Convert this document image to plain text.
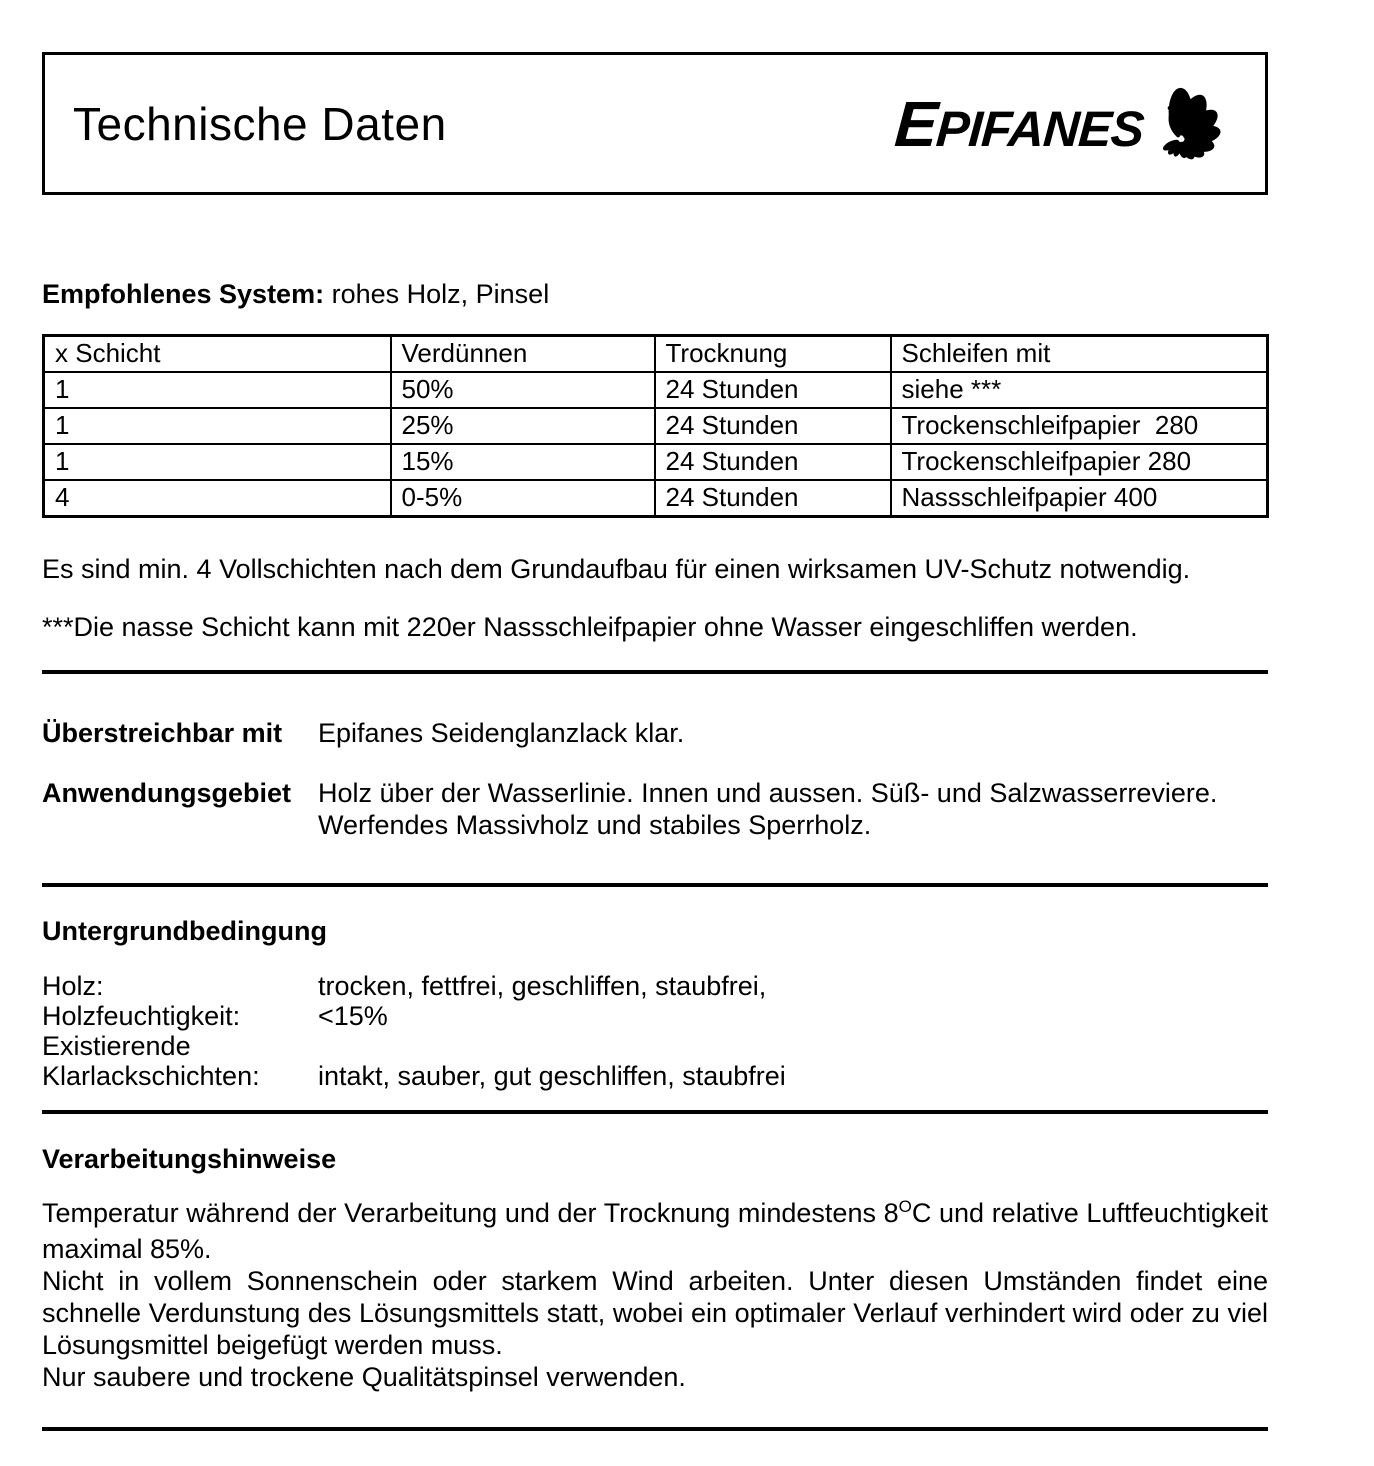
Technische Daten	EPIFANES
Empfohlenes System: rohes Holz, Pinsel
x Schicht	Verdünnen	Trocknung	Schleifen mit
1	50%	24 Stunden	siehe ***
1	25%	24 Stunden	Trockenschleifpapier  280
1	15%	24 Stunden	Trockenschleifpapier 280
4	0-5%	24 Stunden	Nassschleifpapier 400
Es sind min. 4 Vollschichten nach dem Grundaufbau für einen wirksamen UV-Schutz notwendig.
***Die nasse Schicht kann mit 220er Nassschleifpapier ohne Wasser eingeschliffen werden.
Überstreichbar mit	Epifanes Seidenglanzlack klar.
Anwendungsgebiet	Holz über der Wasserlinie. Innen und aussen. Süß- und Salzwasserreviere.
Werfendes Massivholz und stabiles Sperrholz.
Untergrundbedingung
Holz:	trocken, fettfrei, geschliffen, staubfrei,
Holzfeuchtigkeit:	<15%
Existierende
Klarlackschichten:	intakt, sauber, gut geschliffen, staubfrei
Verarbeitungshinweise

Temperatur während der Verarbeitung und der Trocknung mindestens $8^OC$ und relative Luftfeuchtigkeit maximal 85%.

Nicht in vollem Sonnenschein oder starkem Wind arbeiten. Unter diesen Umständen findet eine schnelle Verdunstung des Lösungsmittels statt, wobei ein optimaler Verlauf verhindert wird oder zu viel Lösungsmittel beigefügt werden muss.

Nur saubere und trockene Qualitätspinsel verwenden.
